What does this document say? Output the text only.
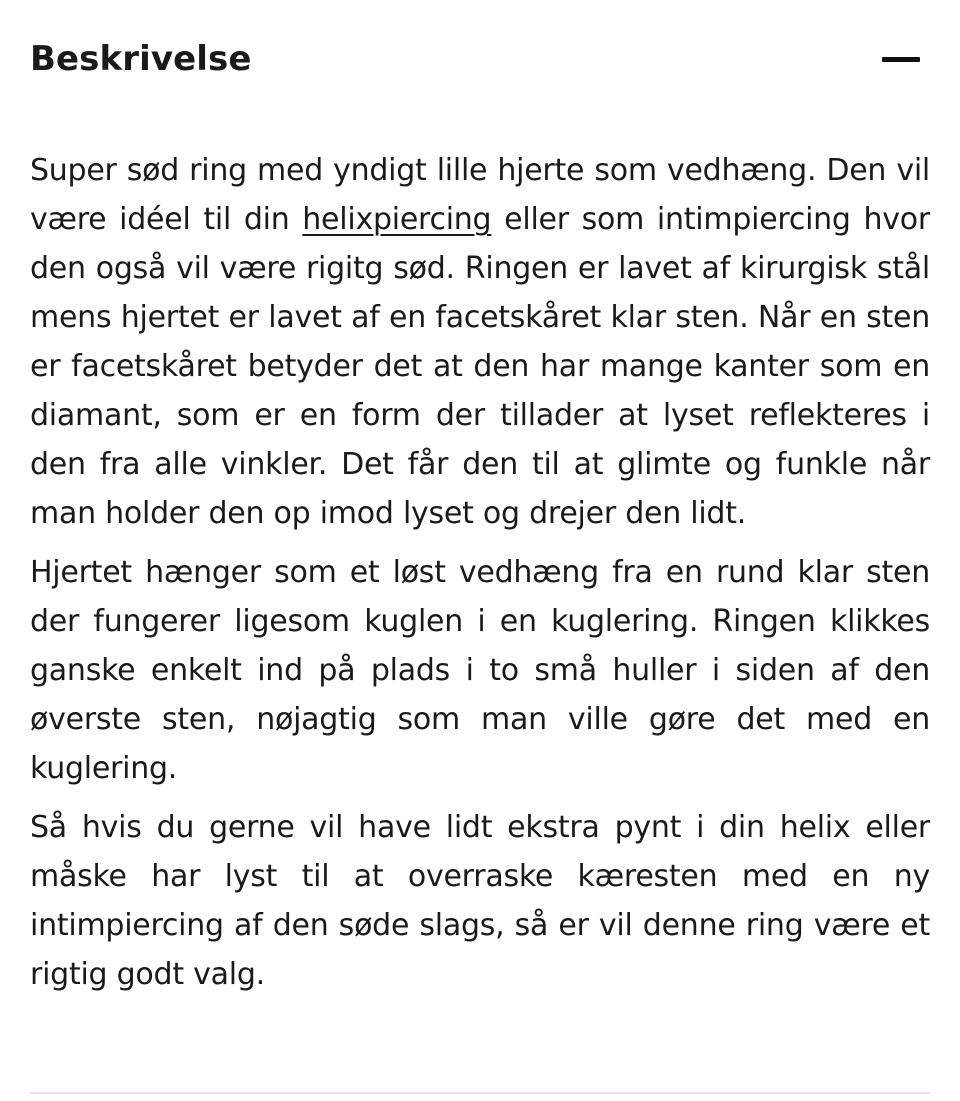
Beskrivelse

Super sød ring med yndigt lille hjerte som vedhæng. Den vil være idéel til din helixpiercing eller som intimpiercing hvor den også vil være rigitg sød. Ringen er lavet af kirurgisk stål mens hjertet er lavet af en facetskåret klar sten. Når en sten er facetskåret betyder det at den har mange kanter som en diamant, som er en form der tillader at lyset reflekteres i den fra alle vinkler. Det får den til at glimte og funkle når man holder den op imod lyset og drejer den lidt.

Hjertet hænger som et løst vedhæng fra en rund klar sten der fungerer ligesom kuglen i en kuglering. Ringen klikkes ganske enkelt ind på plads i to små huller i siden af den øverste sten, nøjagtig som man ville gøre det med en kuglering.

Så hvis du gerne vil have lidt ekstra pynt i din helix eller måske har lyst til at overraske kæresten med en ny intimpiercing af den søde slags, så er vil denne ring være et rigtig godt valg.
